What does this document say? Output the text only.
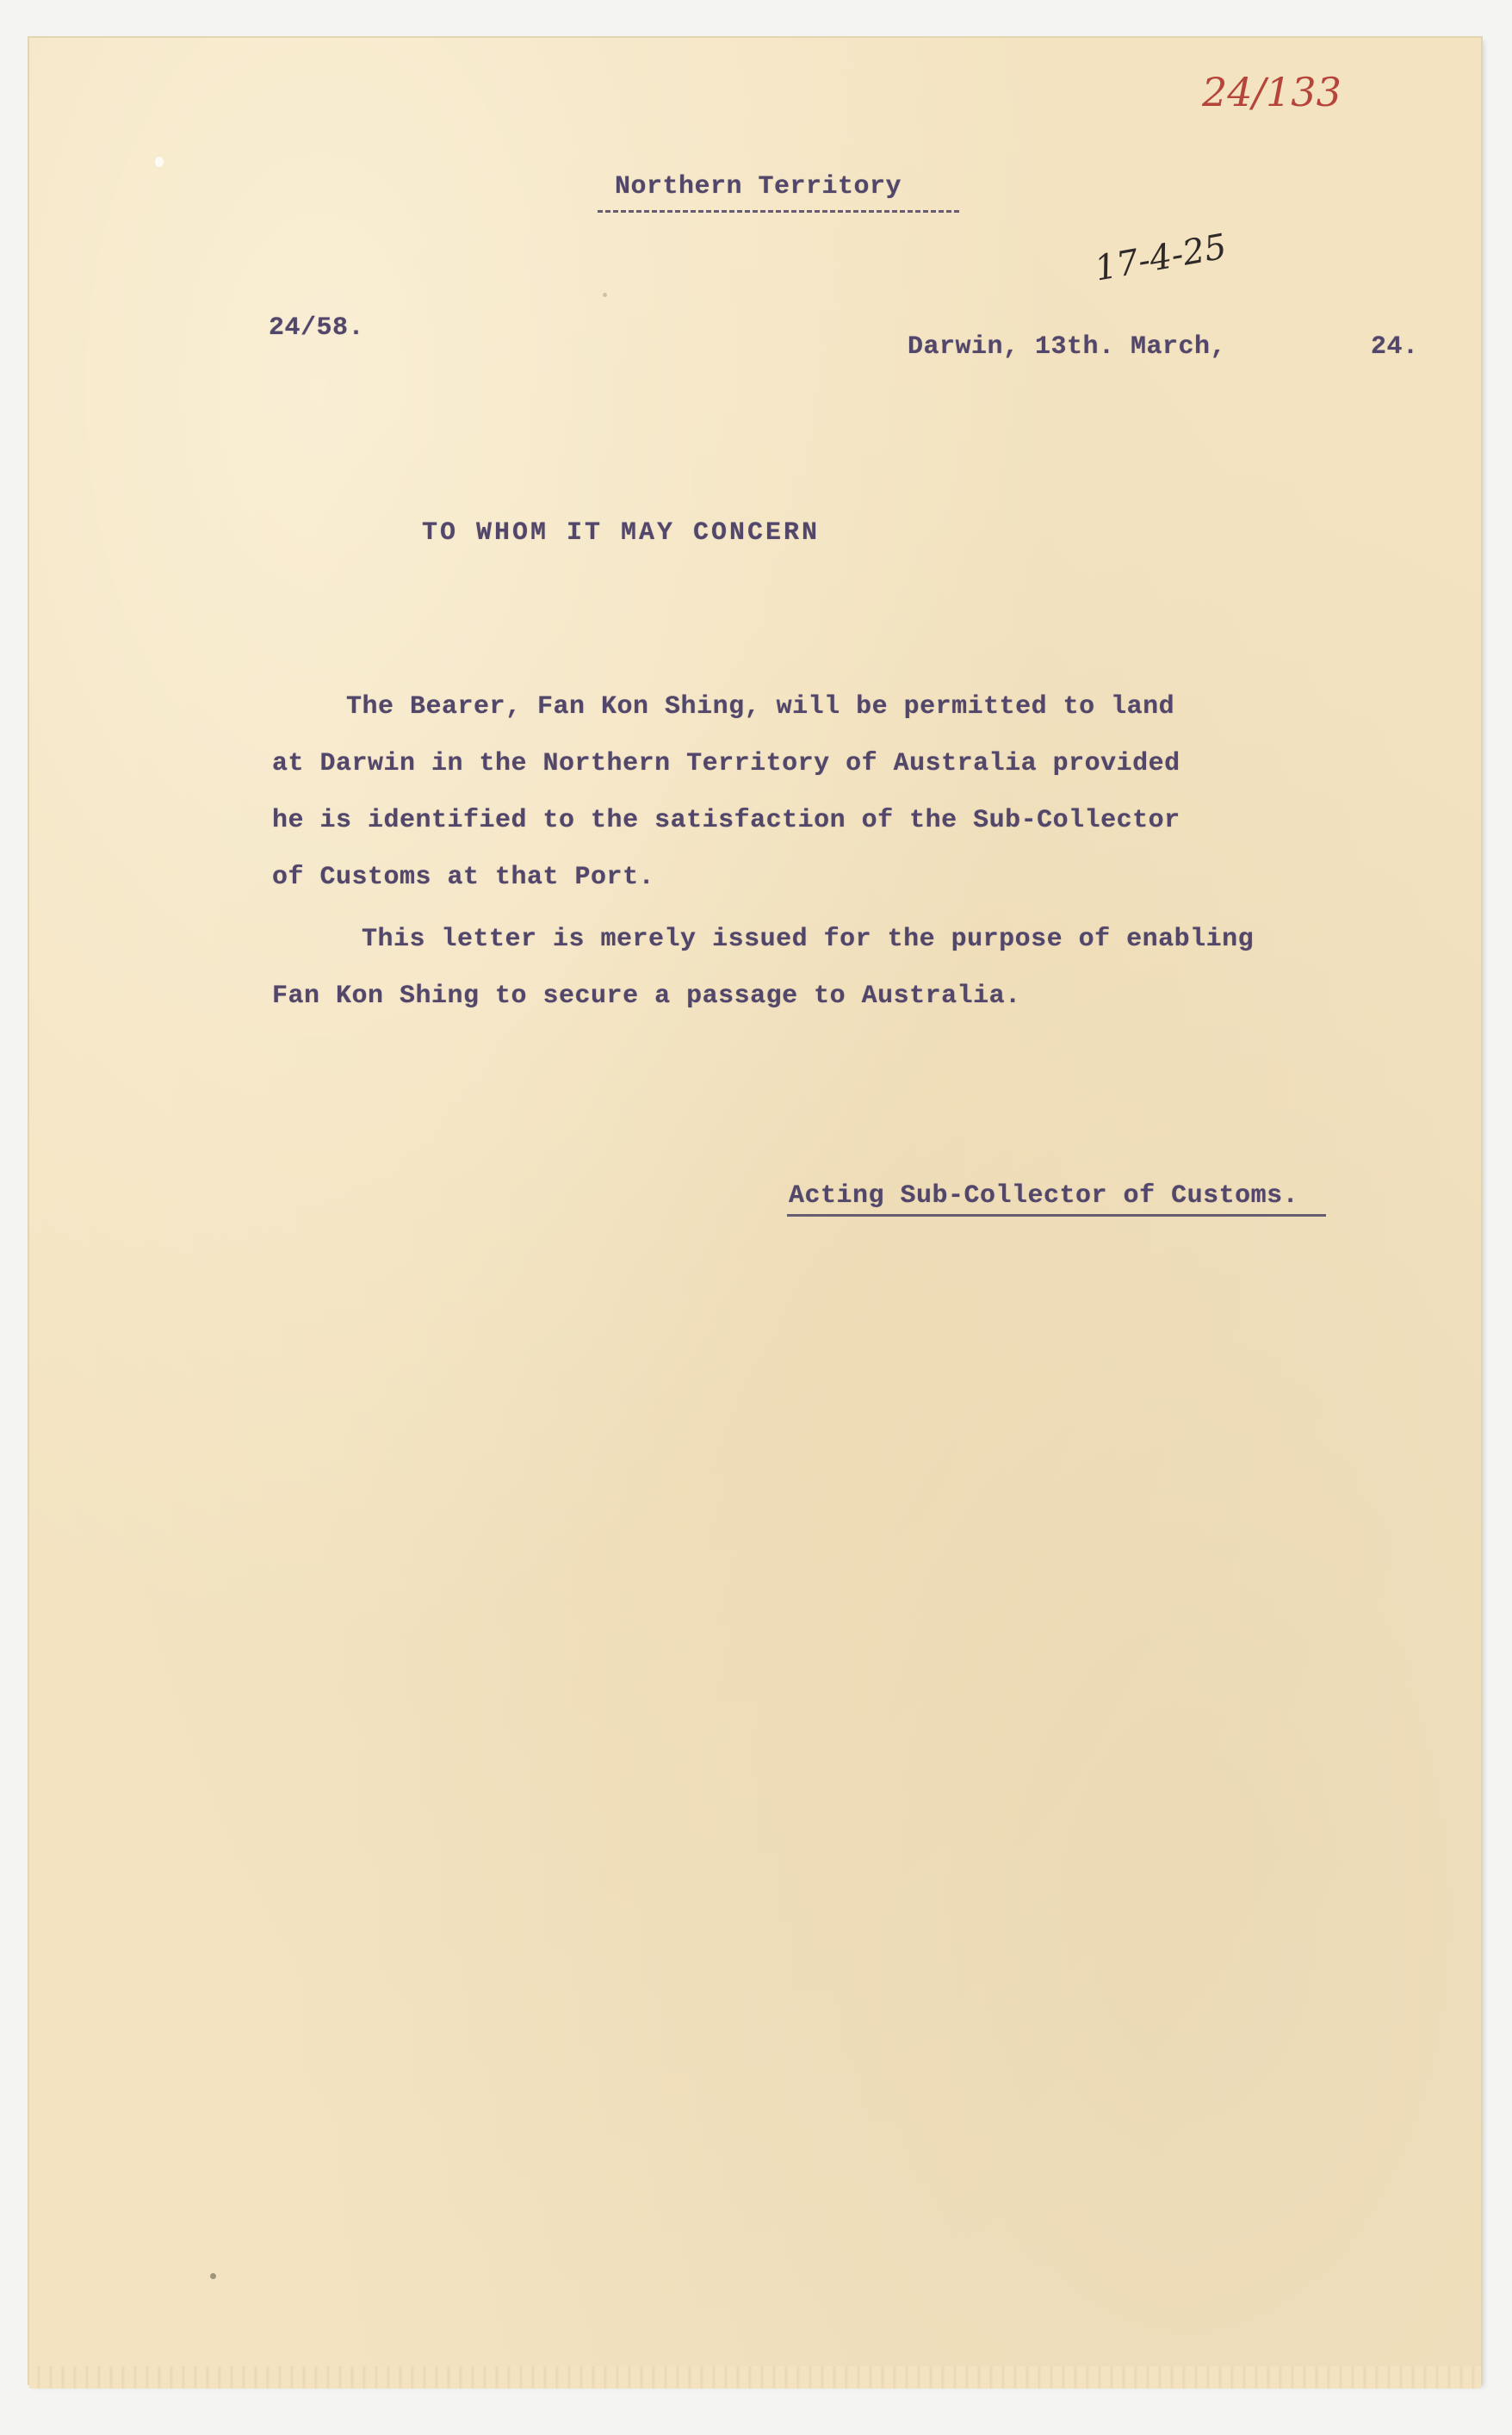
24/133
17-4-25
Northern Territory
24/58.
Darwin, 13th. March,	24.
TO WHOM IT MAY CONCERN
The Bearer, Fan Kon Shing, will be permitted to land
at Darwin in the Northern Territory of Australia provided
he is identified to the satisfaction of the Sub-Collector
of Customs at that Port.
This letter is merely issued for the purpose of enabling
Fan Kon Shing to secure a passage to Australia.
Acting Sub-Collector of Customs.
